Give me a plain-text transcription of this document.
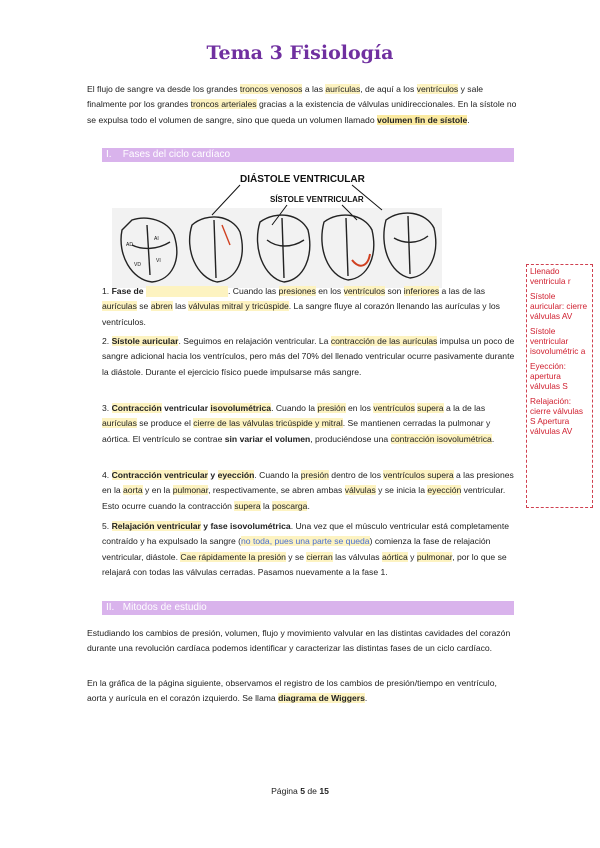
Tema 3 Fisiología

El flujo de sangre va desde los grandes troncos venosos a las aurículas, de aquí a los ventrículos y sale finalmente por los grandes troncos arteriales gracias a la existencia de válvulas unidireccionales. En la sístole no se expulsa todo el volumen de sangre, sino que queda un volumen llamado volumen fin de sístole.

I. Fases del ciclo cardíaco
DIÁSTOLE VENTRICULAR
SÍSTOLE VENTRICULAR
AD
AI
VD
VI

1. Fase de	. Cuando las presiones en los ventrículos son inferiores a las de las aurículas se abren las válvulas mitral y tricúspide. La sangre fluye al corazón llenando las aurículas y los ventrículos.

2. Sístole auricular. Seguimos en relajación ventricular. La contracción de las aurículas impulsa un poco de sangre adicional hacia los ventrículos, pero más del 70% del llenado ventricular ocurre pasivamente durante la diástole. Durante el ejercicio físico puede impulsarse más sangre.

3. Contracción ventricular isovolumétrica. Cuando la presión en los ventrículos supera a la de las aurículas se produce el cierre de las válvulas tricúspide y mitral. Se mantienen cerradas la pulmonar y aórtica. El ventrículo se contrae sin variar el volumen, produciéndose una contracción isovolumétrica.

4. Contracción ventricular y eyección. Cuando la presión dentro de los ventrículos supera a las presiones en la aorta y en la pulmonar, respectivamente, se abren ambas válvulas y se inicia la eyección ventricular. Esto ocurre cuando la contracción supera la poscarga.

5. Relajación ventricular y fase isovolumétrica. Una vez que el músculo ventricular está completamente contraído y ha expulsado la sangre (no toda, pues una parte se queda) comienza la fase de relajación ventricular, diástole. Cae rápidamente la presión y se cierran las válvulas aórtica y pulmonar, por lo que se relajará con todas las válvulas cerradas. Pasamos nuevamente a la fase 1.

II. Mitodos de estudio

Estudiando los cambios de presión, volumen, flujo y movimiento valvular en las distintas cavidades del corazón durante una revolución cardíaca podemos identificar y caracterizar las distintas fases de un ciclo cardíaco.

En la gráfica de la página siguiente, observamos el registro de los cambios de presión/tiempo en ventrículo, aorta y aurícula en el corazón izquierdo. Se llama diagrama de Wiggers.

Llenado ventricula r
Sístole auricular: cierre válvulas AV
Sístole ventricular isovolumétric a
Eyección: apertura válvulas S
Relajación: cierre válvulas S Apertura válvulas AV
Página 5 de 15
